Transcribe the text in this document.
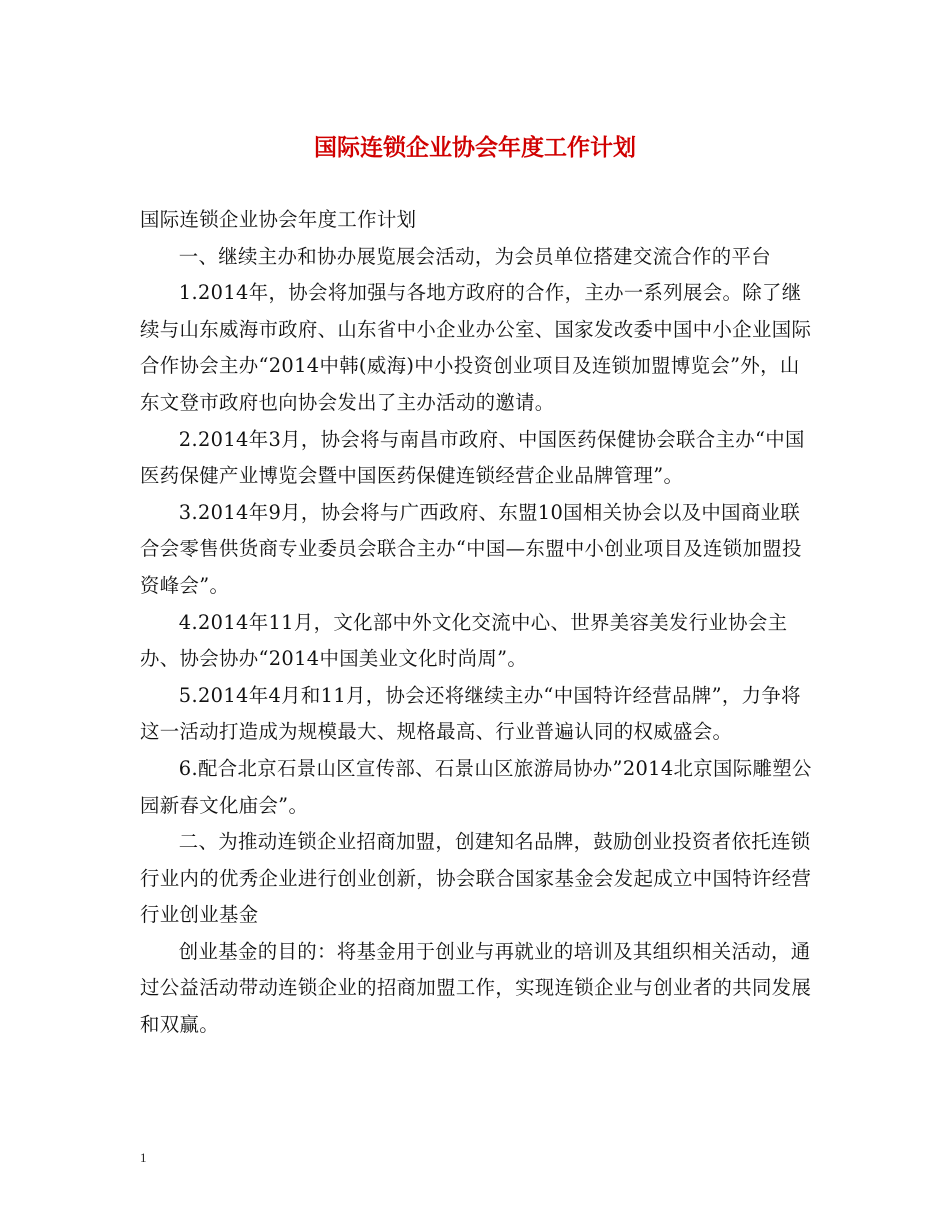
国际连锁企业协会年度工作计划

国际连锁企业协会年度工作计划

一、继续主办和协办展览展会活动，为会员单位搭建交流合作的平台

1.2014年，协会将加强与各地方政府的合作，主办一系列展会。除了继续与山东威海市政府、山东省中小企业办公室、国家发改委中国中小企业国际合作协会主办“2014中韩(威海)中小投资创业项目及连锁加盟博览会”外，山东文登市政府也向协会发出了主办活动的邀请。

2.2014年3月，协会将与南昌市政府、中国医药保健协会联合主办“中国医药保健产业博览会暨中国医药保健连锁经营企业品牌管理”。

3.2014年9月，协会将与广西政府、东盟10国相关协会以及中国商业联合会零售供货商专业委员会联合主办“中国—东盟中小创业项目及连锁加盟投资峰会”。

4.2014年11月，文化部中外文化交流中心、世界美容美发行业协会主办、协会协办“2014中国美业文化时尚周”。

5.2014年4月和11月，协会还将继续主办“中国特许经营品牌”，力争将这一活动打造成为规模最大、规格最高、行业普遍认同的权威盛会。

6.配合北京石景山区宣传部、石景山区旅游局协办”2014北京国际雕塑公园新春文化庙会”。

二、为推动连锁企业招商加盟，创建知名品牌，鼓励创业投资者依托连锁行业内的优秀企业进行创业创新，协会联合国家基金会发起成立中国特许经营行业创业基金

创业基金的目的：将基金用于创业与再就业的培训及其组织相关活动，通过公益活动带动连锁企业的招商加盟工作，实现连锁企业与创业者的共同发展和双赢。

1
